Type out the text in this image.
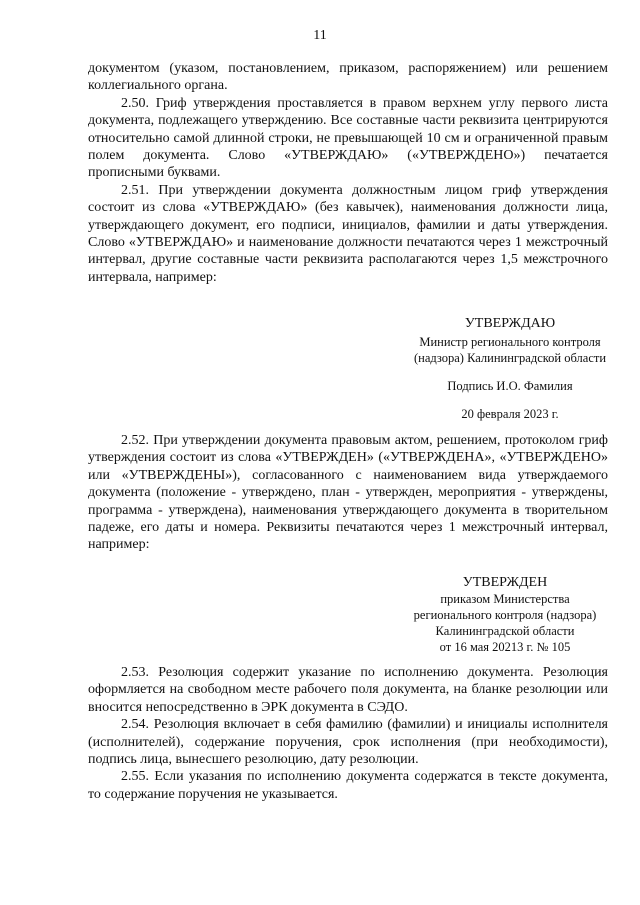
11

документом (указом, постановлением, приказом, распоряжением) или решением коллегиального органа.

2.50. Гриф утверждения проставляется в правом верхнем углу первого листа документа, подлежащего утверждению. Все составные части реквизита центрируются относительно самой длинной строки, не превышающей 10 см и ограниченной правым полем документа. Слово «УТВЕРЖДАЮ» («УТВЕРЖДЕНО») печатается прописными буквами.

2.51. При утверждении документа должностным лицом гриф утверждения состоит из слова «УТВЕРЖДАЮ» (без кавычек), наименования должности лица, утверждающего документ, его подписи, инициалов, фамилии и даты утверждения. Слово «УТВЕРЖДАЮ» и наименование должности печатаются через 1 межстрочный интервал, другие составные части реквизита располагаются через 1,5 межстрочного интервала, например:

УТВЕРЖДАЮ
Министр регионального контроля
(надзора) Калининградской области
Подпись И.О. Фамилия
20 февраля 2023 г.

2.52. При утверждении документа правовым актом, решением, протоколом гриф утверждения состоит из слова «УТВЕРЖДЕН» («УТВЕРЖДЕНА», «УТВЕРЖДЕНО» или «УТВЕРЖДЕНЫ»), согласованного с наименованием вида утверждаемого документа (положение - утверждено, план - утвержден, мероприятия - утверждены, программа - утверждена), наименования утверждающего документа в творительном падеже, его даты и номера. Реквизиты печатаются через 1 межстрочный интервал, например:

УТВЕРЖДЕН
приказом Министерства
регионального контроля (надзора)
Калининградской области
от 16 мая 20213 г. № 105

2.53. Резолюция содержит указание по исполнению документа. Резолюция оформляется на свободном месте рабочего поля документа, на бланке резолюции или вносится непосредственно в ЭРК документа в СЭДО.

2.54. Резолюция включает в себя фамилию (фамилии) и инициалы исполнителя (исполнителей), содержание поручения, срок исполнения (при необходимости), подпись лица, вынесшего резолюцию, дату резолюции.

2.55. Если указания по исполнению документа содержатся в тексте документа, то содержание поручения не указывается.
